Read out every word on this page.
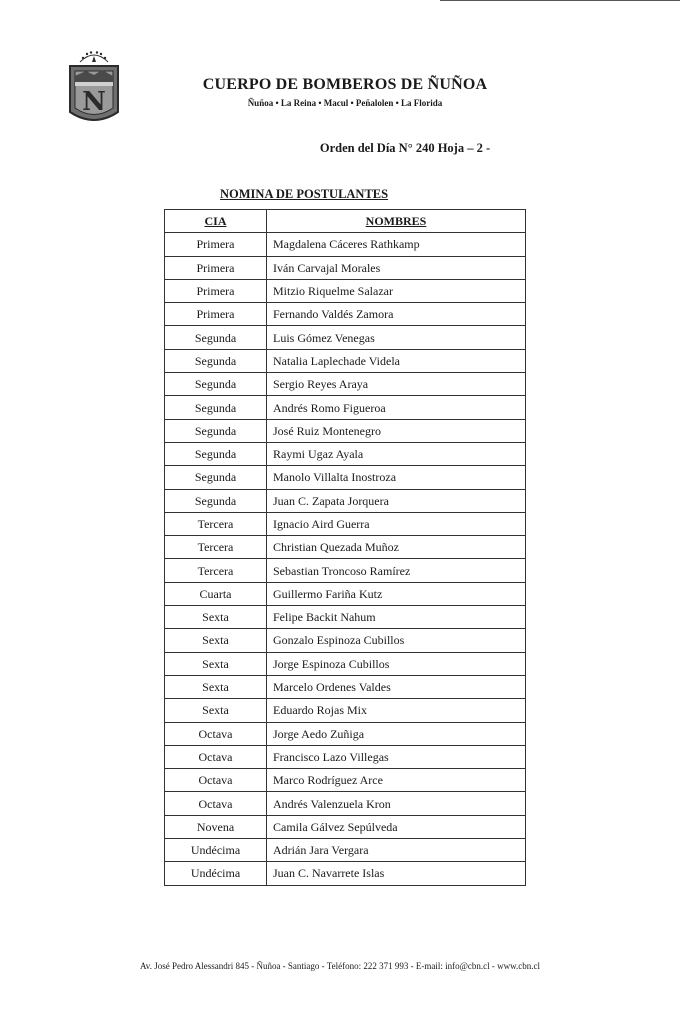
N
CUERPO DE BOMBEROS DE ÑUÑOA
Ñuñoa • La Reina • Macul • Peñalolen • La Florida
Orden del Día N° 240 Hoja – 2 -
NOMINA DE POSTULANTES
CIA	NOMBRES
Primera	Magdalena Cáceres Rathkamp
Primera	Iván Carvajal Morales
Primera	Mitzio Riquelme Salazar
Primera	Fernando Valdés Zamora
Segunda	Luis Gómez Venegas
Segunda	Natalia Laplechade Videla
Segunda	Sergio Reyes Araya
Segunda	Andrés Romo Figueroa
Segunda	José Ruiz Montenegro
Segunda	Raymi Ugaz Ayala
Segunda	Manolo Villalta Inostroza
Segunda	Juan C. Zapata Jorquera
Tercera	Ignacio Aird Guerra
Tercera	Christian Quezada Muñoz
Tercera	Sebastian Troncoso Ramírez
Cuarta	Guillermo Fariña Kutz
Sexta	Felipe Backit Nahum
Sexta	Gonzalo Espinoza Cubillos
Sexta	Jorge Espinoza Cubillos
Sexta	Marcelo Ordenes Valdes
Sexta	Eduardo Rojas Mix
Octava	Jorge Aedo Zuñiga
Octava	Francisco Lazo Villegas
Octava	Marco Rodríguez Arce
Octava	Andrés Valenzuela Kron
Novena	Camila Gálvez Sepúlveda
Undécima	Adrián Jara Vergara
Undécima	Juan C. Navarrete Islas
Av. José Pedro Alessandri 845 - Ñuñoa - Santiago - Teléfono: 222 371 993 - E-mail: info@cbn.cl - www.cbn.cl
